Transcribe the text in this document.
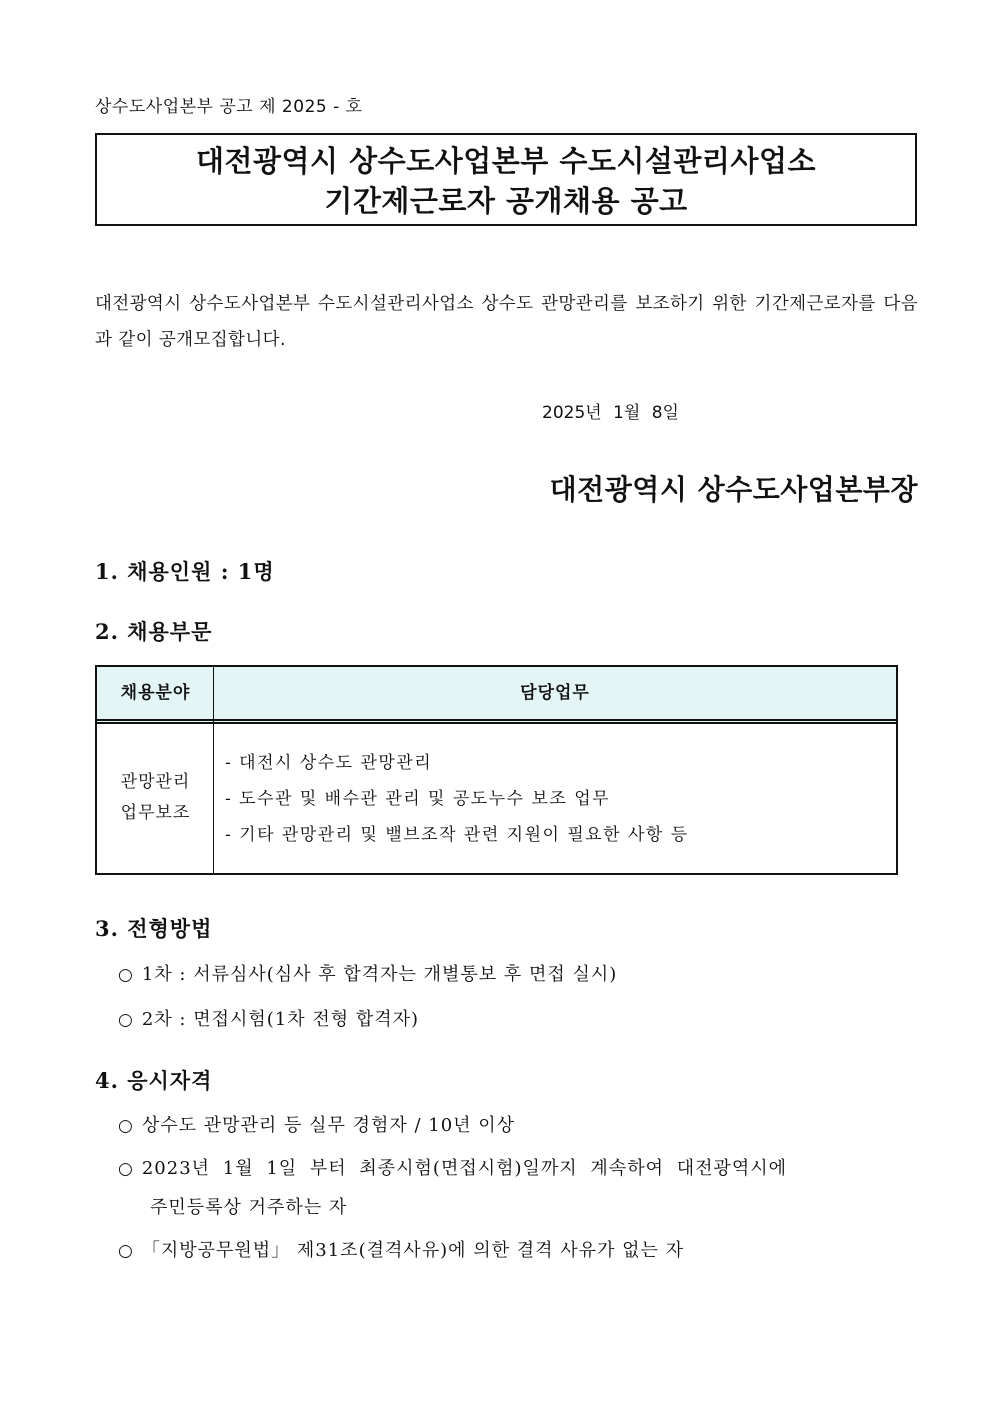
상수도사업본부 공고 제 2025 - 호
대전광역시 상수도사업본부 수도시설관리사업소
기간제근로자 공개채용 공고
대전광역시 상수도사업본부 수도시설관리사업소 상수도 관망관리를 보조하기 위한 기간제근로자를 다음과 같이 공개모집합니다.
2025년 1월 8일
대전광역시 상수도사업본부장
1. 채용인원 : 1명
2. 채용부문
채용분야	담당업무
관망관리
업무보조
- 대전시 상수도 관망관리
- 도수관 및 배수관 관리 및 공도누수 보조 업무
- 기타 관망관리 및 밸브조작 관련 지원이 필요한 사항 등
3. 전형방법
○ 1차 : 서류심사(심사 후 합격자는 개별통보 후 면접 실시)
○ 2차 : 면접시험(1차 전형 합격자)
4. 응시자격
○ 상수도 관망관리 등 실무 경험자 / 10년 이상
○ 2023년 1월 1일 부터 최종시험(면접시험)일까지 계속하여 대전광역시에
주민등록상 거주하는 자
○ 「지방공무원법」 제31조(결격사유)에 의한 결격 사유가 없는 자
